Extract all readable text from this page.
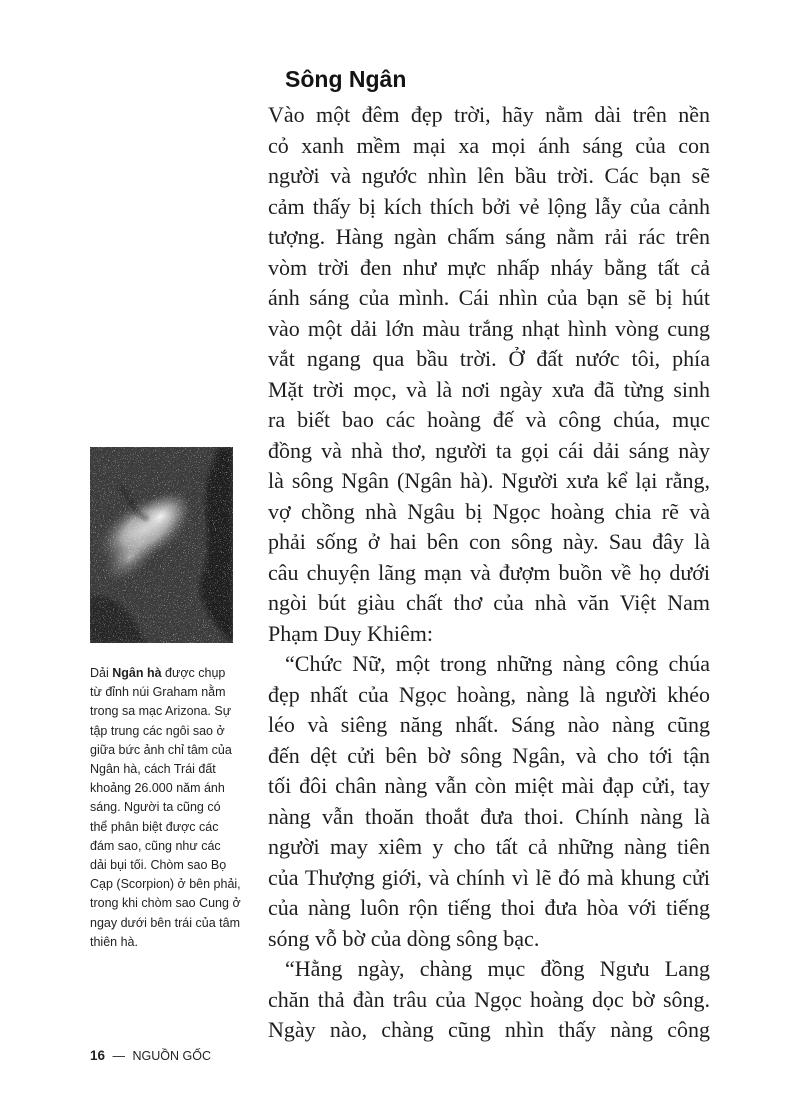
Sông Ngân

Vào một đêm đẹp trời, hãy nằm dài trên nền
cỏ xanh mềm mại xa mọi ánh sáng của con
người và ngước nhìn lên bầu trời. Các bạn sẽ
cảm thấy bị kích thích bởi vẻ lộng lẫy của cảnh
tượng. Hàng ngàn chấm sáng nằm rải rác trên
vòm trời đen như mực nhấp nháy bằng tất cả
ánh sáng của mình. Cái nhìn của bạn sẽ bị hút
vào một dải lớn màu trắng nhạt hình vòng cung
vắt ngang qua bầu trời. Ở đất nước tôi, phía
Mặt trời mọc, và là nơi ngày xưa đã từng sinh
ra biết bao các hoàng đế và công chúa, mục
đồng và nhà thơ, người ta gọi cái dải sáng này
là sông Ngân (Ngân hà). Người xưa kể lại rằng,
vợ chồng nhà Ngâu bị Ngọc hoàng chia rẽ và
phải sống ở hai bên con sông này. Sau đây là
câu chuyện lãng mạn và đượm buồn về họ dưới
ngòi bút giàu chất thơ của nhà văn Việt Nam
Phạm Duy Khiêm:

“Chức Nữ, một trong những nàng công chúa
đẹp nhất của Ngọc hoàng, nàng là người khéo
léo và siêng năng nhất. Sáng nào nàng cũng
đến dệt cửi bên bờ sông Ngân, và cho tới tận
tối đôi chân nàng vẫn còn miệt mài đạp cửi, tay
nàng vẫn thoăn thoắt đưa thoi. Chính nàng là
người may xiêm y cho tất cả những nàng tiên
của Thượng giới, và chính vì lẽ đó mà khung cửi
của nàng luôn rộn tiếng thoi đưa hòa với tiếng
sóng vỗ bờ của dòng sông bạc.

“Hằng ngày, chàng mục đồng Ngưu Lang
chăn thả đàn trâu của Ngọc hoàng dọc bờ sông.
Ngày nào, chàng cũng nhìn thấy nàng công

Dải Ngân hà được chụp
từ đỉnh núi Graham nằm
trong sa mạc Arizona. Sự
tập trung các ngôi sao ở
giữa bức ảnh chỉ tâm của
Ngân hà, cách Trái đất
khoảng 26.000 năm ánh
sáng. Người ta cũng có
thể phân biệt được các
đám sao, cũng như các
dải bụi tối. Chòm sao Bọ
Cạp (Scorpion) ở bên phải,
trong khi chòm sao Cung ở
ngay dưới bên trái của tâm
thiên hà.
16 — NGUỒN GỐC
